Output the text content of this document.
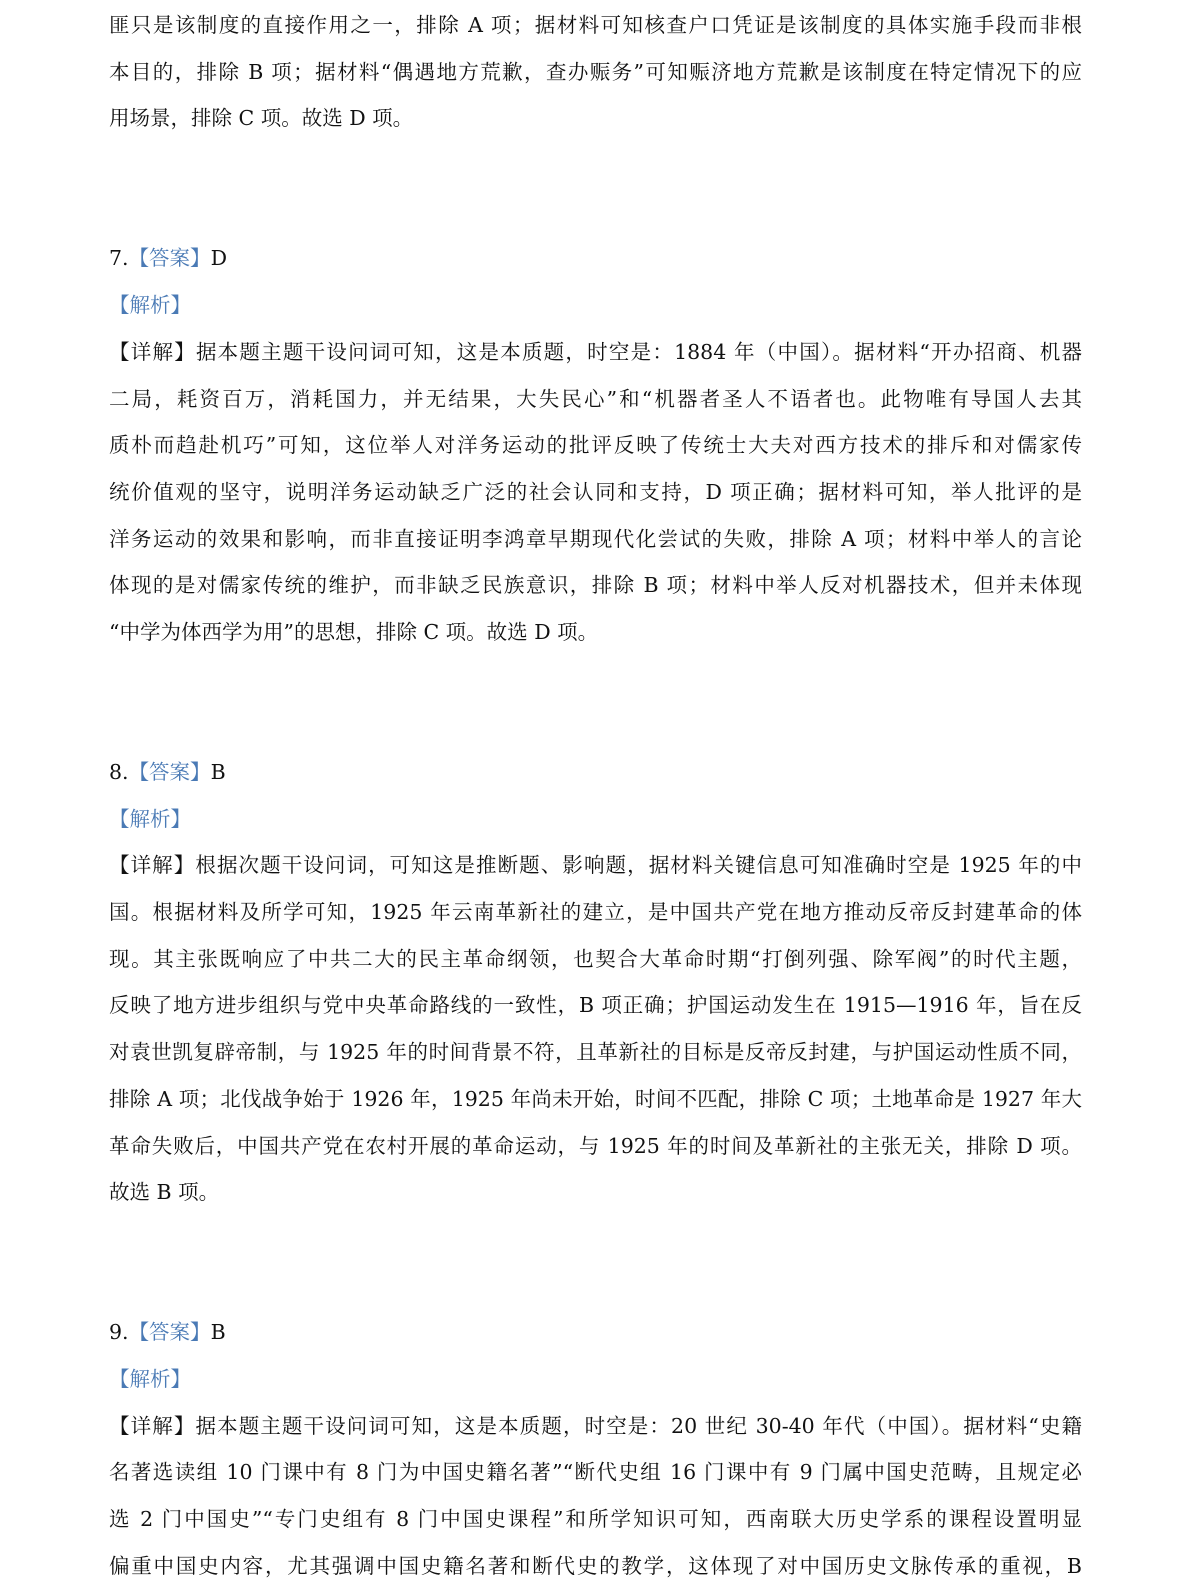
匪只是该制度的直接作用之一，排除 A 项；据材料可知核查户口凭证是该制度的具体实施手段而非根
本目的，排除 B 项；据材料“偶遇地方荒歉，查办赈务”可知赈济地方荒歉是该制度在特定情况下的应
用场景，排除 C 项。故选 D 项。
7.【答案】D
【解析】
【详解】据本题主题干设问词可知，这是本质题，时空是：1884 年（中国）。据材料“开办招商、机器
二局，耗资百万，消耗国力，并无结果，大失民心”和“机器者圣人不语者也。此物唯有导国人去其
质朴而趋赴机巧”可知，这位举人对洋务运动的批评反映了传统士大夫对西方技术的排斥和对儒家传
统价值观的坚守，说明洋务运动缺乏广泛的社会认同和支持，D 项正确；据材料可知，举人批评的是
洋务运动的效果和影响，而非直接证明李鸿章早期现代化尝试的失败，排除 A 项；材料中举人的言论
体现的是对儒家传统的维护，而非缺乏民族意识，排除 B 项；材料中举人反对机器技术，但并未体现
“中学为体西学为用”的思想，排除 C 项。故选 D 项。
8.【答案】B
【解析】
【详解】根据次题干设问词，可知这是推断题、影响题，据材料关键信息可知准确时空是 1925 年的中
国。根据材料及所学可知，1925 年云南革新社的建立，是中国共产党在地方推动反帝反封建革命的体
现。其主张既响应了中共二大的民主革命纲领，也契合大革命时期“打倒列强、除军阀”的时代主题，
反映了地方进步组织与党中央革命路线的一致性，B 项正确；护国运动发生在 1915—1916 年，旨在反
对袁世凯复辟帝制，与 1925 年的时间背景不符，且革新社的目标是反帝反封建，与护国运动性质不同，
排除 A 项；北伐战争始于 1926 年，1925 年尚未开始，时间不匹配，排除 C 项；土地革命是 1927 年大
革命失败后，中国共产党在农村开展的革命运动，与 1925 年的时间及革新社的主张无关，排除 D 项。
故选 B 项。
9.【答案】B
【解析】
【详解】据本题主题干设问词可知，这是本质题，时空是：20 世纪 30-40 年代（中国）。据材料“史籍
名著选读组 10 门课中有 8 门为中国史籍名著”“断代史组 16 门课中有 9 门属中国史范畴，且规定必
选 2 门中国史”“专门史组有 8 门中国史课程”和所学知识可知，西南联大历史学系的课程设置明显
偏重中国史内容，尤其强调中国史籍名著和断代史的教学，这体现了对中国历史文脉传承的重视，B
